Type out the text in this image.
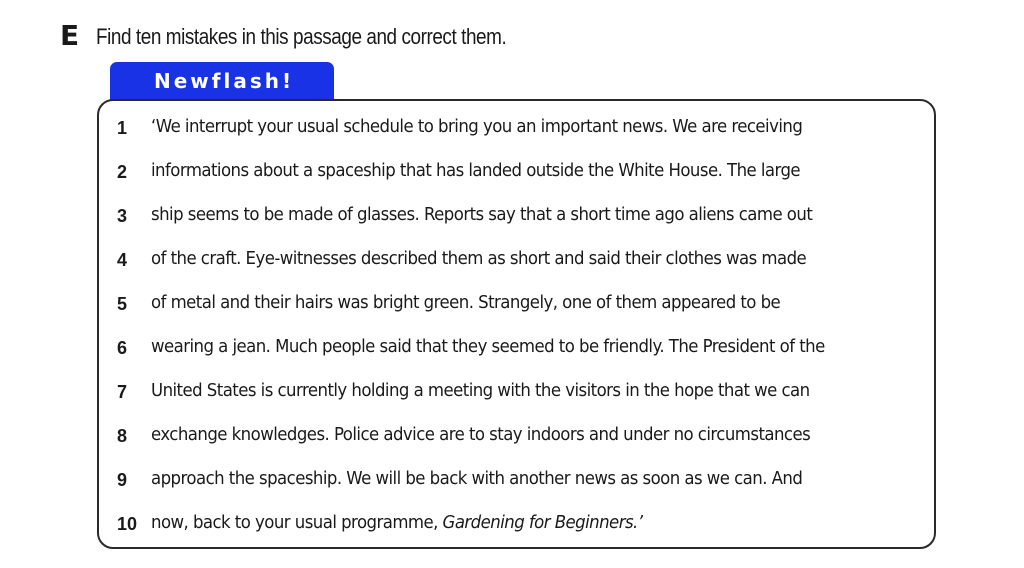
E Find ten mistakes in this passage and correct them.
Newflash!
1	‘We interrupt your usual schedule to bring you an important news. We are receiving
2	informations about a spaceship that has landed outside the White House. The large
3	ship seems to be made of glasses. Reports say that a short time ago aliens came out
4	of the craft. Eye-witnesses described them as short and said their clothes was made
5	of metal and their hairs was bright green. Strangely, one of them appeared to be
6	wearing a jean. Much people said that they seemed to be friendly. The President of the
7	United States is currently holding a meeting with the visitors in the hope that we can
8	exchange knowledges. Police advice are to stay indoors and under no circumstances
9	approach the spaceship. We will be back with another news as soon as we can. And
10 now, back to your usual programme, Gardening for Beginners.’
